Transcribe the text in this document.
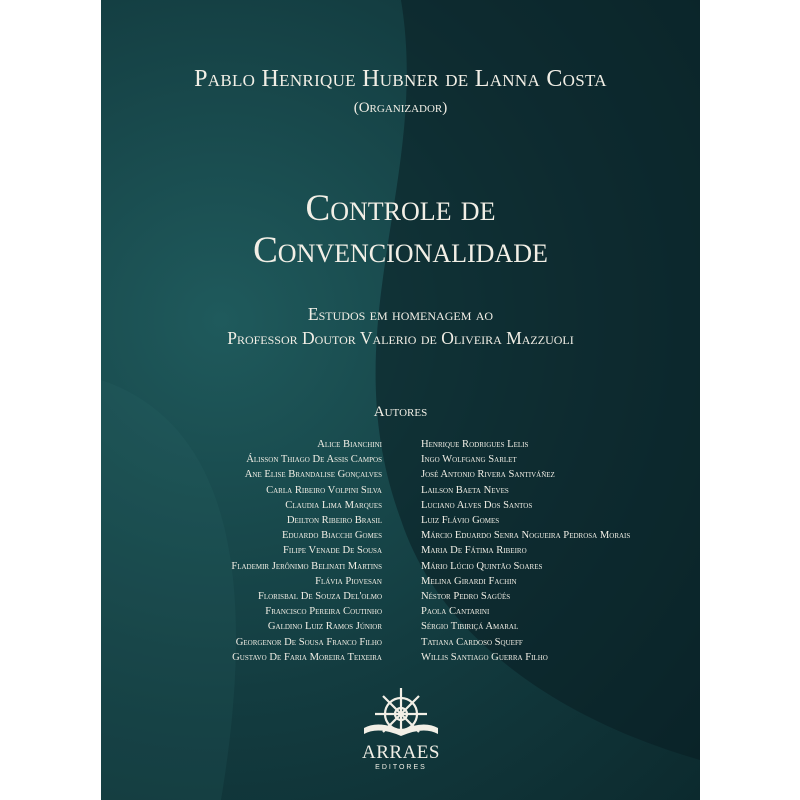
Pablo Henrique Hubner de Lanna Costa
(Organizador)
Controle de
Convencionalidade
Estudos em homenagem ao
Professor Doutor Valerio de Oliveira Mazzuoli
Autores
Alice Bianchini
Álisson Thiago De Assis Campos
Ane Elise Brandalise Gonçalves
Carla Ribeiro Volpini Silva
Claudia Lima Marques
Deilton Ribeiro Brasil
Eduardo Biacchi Gomes
Filipe Venade De Sousa
Flademir Jerônimo Belinati Martins
Flávia Piovesan
Florisbal De Souza Del'olmo
Francisco Pereira Coutinho
Galdino Luiz Ramos Júnior
Georgenor De Sousa Franco Filho
Gustavo De Faria Moreira Teixeira
Henrique Rodrigues Lelis
Ingo Wolfgang Sarlet
José Antonio Rivera Santiváñez
Lailson Baeta Neves
Luciano Alves Dos Santos
Luiz Flávio Gomes
Márcio Eduardo Senra Nogueira Pedrosa Morais
Maria De Fátima Ribeiro
Mário Lúcio Quintão Soares
Melina Girardi Fachin
Néstor Pedro Sagüés
Paola Cantarini
Sérgio Tibiriçá Amaral
Tatiana Cardoso Squeff
Willis Santiago Guerra Filho
ARRAES
EDITORES
